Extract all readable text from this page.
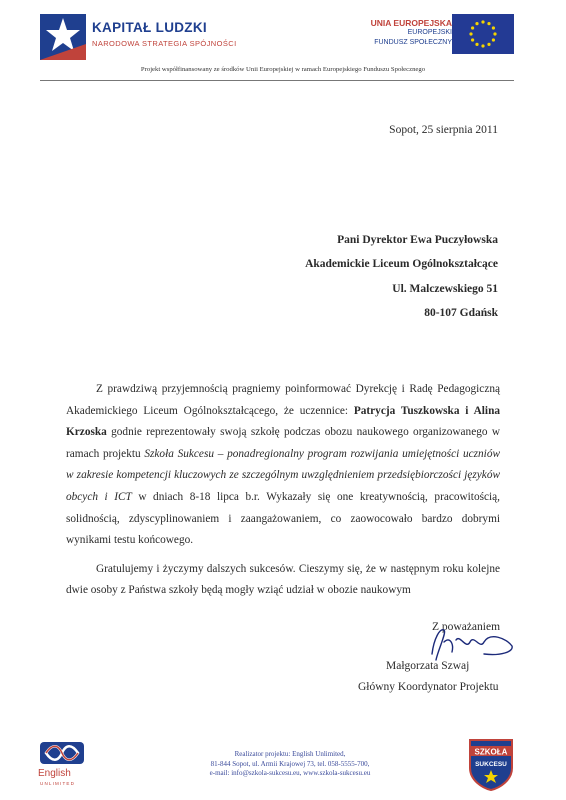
KAPITAŁ LUDZKI
NARODOWA STRATEGIA SPÓJNOŚCI
UNIA EUROPEJSKA
EUROPEJSKI
FUNDUSZ SPOŁECZNY
Projekt współfinansowany ze środków Unii Europejskiej w ramach Europejskiego Funduszu Społecznego
Sopot, 25 sierpnia 2011
Pani Dyrektor Ewa Puczyłowska
Akademickie Liceum Ogólnokształcące
Ul. Malczewskiego 51
80-107 Gdańsk

Z prawdziwą przyjemnością pragniemy poinformować Dyrekcję i Radę Pedagogiczną Akademickiego Liceum Ogólnokształcącego, że uczennice: Patrycja Tuszkowska i Alina Krzoska godnie reprezentowały swoją szkołę podczas obozu naukowego organizowanego w ramach projektu Szkoła Sukcesu – ponadregionalny program rozwijania umiejętności uczniów w zakresie kompetencji kluczowych ze szczególnym uwzględnieniem przedsiębiorczości języków obcych i ICT w dniach 8-18 lipca b.r. Wykazały się one kreatywnością, pracowitością, solidnością, zdyscyplinowaniem i zaangażowaniem, co zaowocowało bardzo dobrymi wynikami testu końcowego.

Gratulujemy i życzymy dalszych sukcesów. Cieszymy się, że w następnym roku kolejne dwie osoby z Państwa szkoły będą mogły wziąć udział w obozie naukowym

Z poważaniem
Małgorzata Szwaj
Główny Koordynator Projektu
English
UNLIMITED
Realizator projektu: English Unlimited,
81-844 Sopot, ul. Armii Krajowej 73, tel. 058-5555-700,
e-mail: info@szkola-sukcesu.eu, www.szkola-sukcesu.eu
SZKOŁA
SUKCESU
